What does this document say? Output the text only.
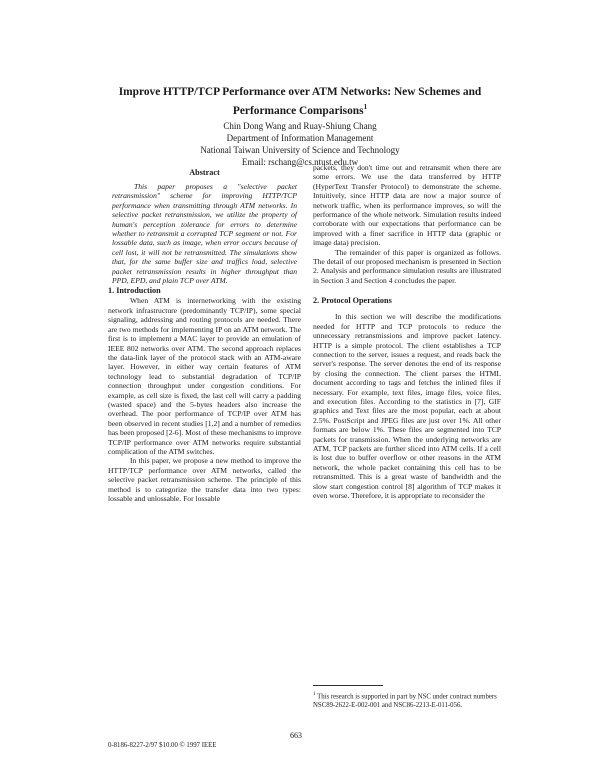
Improve HTTP/TCP Performance over ATM Networks: New Schemes and
Performance Comparisons$^1$
Chin Dong Wang and Ruay-Shiung Chang
Department of Information Management
National Taiwan University of Science and Technology
Email: rschang@cs.ntust.edu.tw
Abstract

This paper proposes a "selective packet retransmission" scheme for improving HTTP/TCP performance when transmitting through ATM networks. In selective packet retransmission, we utilize the property of human's perception tolerance for errors to determine whether to retransmit a corrupted TCP segment or not. For lossable data, such as image, when error occurs because of cell lost, it will not be retransmitted. The simulations show that, for the same buffer size and traffics load, selective packet retransmission results in higher throughput than PPD, EPD, and plain TCP over ATM.

1. Introduction

When ATM is internetworking with the existing network infrastructure (predominantly TCP/IP), some special signaling, addressing and routing protocols are needed. There are two methods for implementing IP on an ATM network. The first is to implement a MAC layer to provide an emulation of IEEE 802 networks over ATM. The second approach replaces the data-link layer of the protocol stack with an ATM-aware layer. However, in either way certain features of ATM technology lead to substantial degradation of TCP/IP connection throughput under congestion conditions. For example, as cell size is fixed, the last cell will carry a padding (wasted space) and the 5-bytes headers also increase the overhead. The poor performance of TCP/IP over ATM has been observed in recent studies [1,2] and a number of remedies has been proposed [2-6]. Most of these mechanisms to improve TCP/IP performance over ATM networks require substantial complication of the ATM switches.

In this paper, we propose a new method to improve the HTTP/TCP performance over ATM networks, called the selective packet retransmission scheme. The principle of this method is to categorize the transfer data into two types: lossable and unlossable. For lossable

packets, they don't time out and retransmit when there are some errors. We use the data transferred by HTTP (HyperText Transfer Protocol) to demonstrate the scheme. Intuitively, since HTTP data are now a major source of network traffic, when its performance improves, so will the performance of the whole network. Simulation results indeed corroborate with our expectations that performance can be improved with a finer sacrifice in HTTP data (graphic or image data) precision.

The remainder of this paper is organized as follows. The detail of our proposed mechanism is presented in Section 2. Analysis and performance simulation results are illustrated in Section 3 and Section 4 concludes the paper.

2. Protocol Operations

In this section we will describe the modifications needed for HTTP and TCP protocols to reduce the unnecessary retransmissions and improve packet latency. HTTP is a simple protocol. The client establishes a TCP connection to the server, issues a request, and reads back the server's response. The server denotes the end of its response by closing the connection. The client parses the HTML document according to tags and fetches the inlined files if necessary. For example, text files, image files, voice files, and execution files. According to the statistics in [7], GIF graphics and Text files are the most popular, each at about 2.5%. PostScript and JPEG files are just over 1%. All other formats are below 1%. These files are segmented into TCP packets for transmission. When the underlying networks are ATM, TCP packets are further sliced into ATM cells. If a cell is lost due to buffer overflow or other reasons in the ATM network, the whole packet containing this cell has to be retransmitted. This is a great waste of bandwidth and the slow start congestion control [8] algorithm of TCP makes it even worse. Therefore, it is appropriate to reconsider the

$^1$ This research is supported in part by NSC under contract numbers NSC89-2622-E-002-001 and NSC86-2213-E-011-056.
663
0-8186-8227-2/97 $10.00 © 1997 IEEE
